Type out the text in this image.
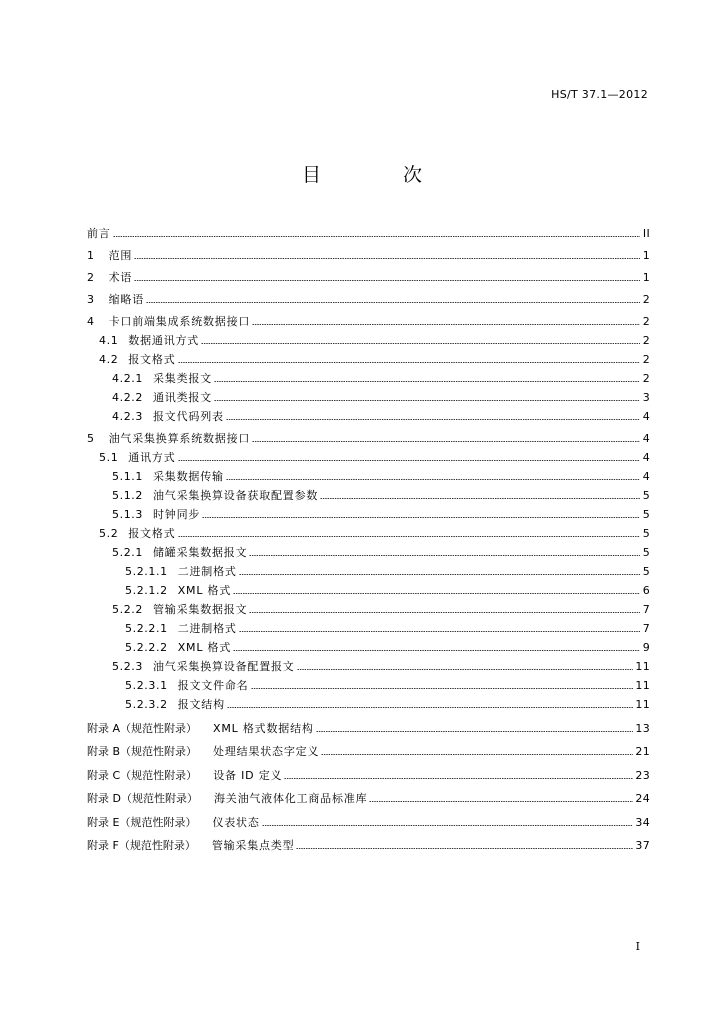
HS/T 37.1—2012
目 次
前言	II
1 范围	1
2 术语	1
3 缩略语	2
4 卡口前端集成系统数据接口	2
4.1 数据通讯方式	2
4.2 报文格式	2
4.2.1 采集类报文	2
4.2.2 通讯类报文	3
4.2.3 报文代码列表	4
5 油气采集换算系统数据接口	4
5.1 通讯方式	4
5.1.1 采集数据传输	4
5.1.2 油气采集换算设备获取配置参数	5
5.1.3 时钟同步	5
5.2 报文格式	5
5.2.1 储罐采集数据报文	5
5.2.1.1 二进制格式	5
5.2.1.2 XML 格式	6
5.2.2 管输采集数据报文	7
5.2.2.1 二进制格式	7
5.2.2.2 XML 格式	9
5.2.3 油气采集换算设备配置报文	11
5.2.3.1 报文文件命名	11
5.2.3.2 报文结构	11
附录 A（规范性附录） XML 格式数据结构	13
附录 B（规范性附录） 处理结果状态字定义	21
附录 C（规范性附录） 设备 ID 定义	23
附录 D（规范性附录） 海关油气液体化工商品标准库	24
附录 E（规范性附录） 仪表状态	34
附录 F（规范性附录） 管输采集点类型	37
I
